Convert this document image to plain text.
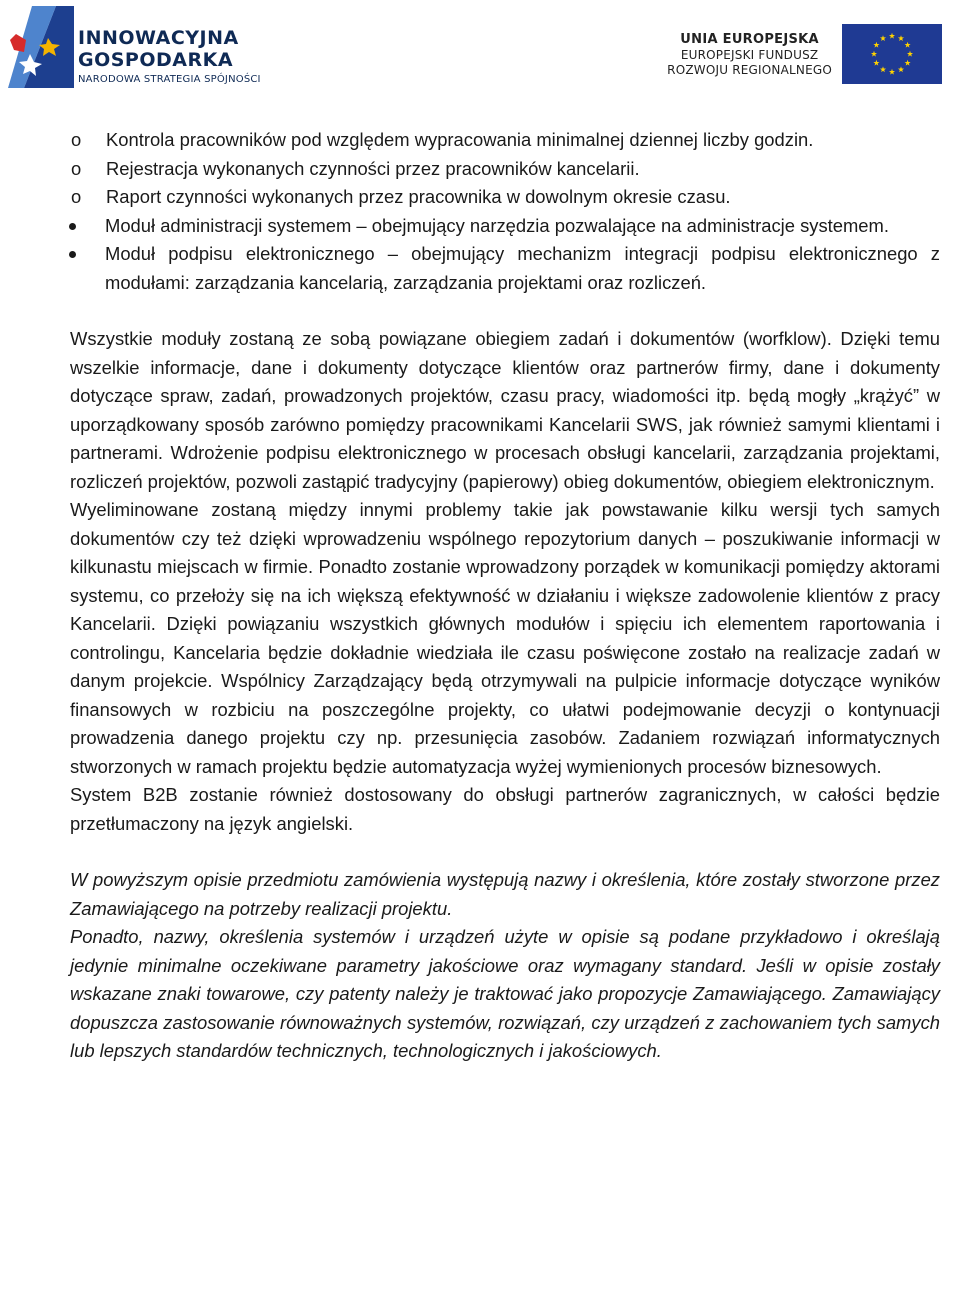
INNOWACYJNA
GOSPODARKA
NARODOWA STRATEGIA SPÓJNOŚCI
UNIA EUROPEJSKA
EUROPEJSKI FUNDUSZ
ROZWOJU REGIONALNEGO
o Kontrola pracowników pod względem wypracowania minimalnej dziennej liczby godzin.
o Rejestracja wykonanych czynności przez pracowników kancelarii.
o Raport czynności wykonanych przez pracownika w dowolnym okresie czasu.
Moduł administracji systemem – obejmujący narzędzia pozwalające na administracje systemem.
Moduł podpisu elektronicznego – obejmujący mechanizm integracji podpisu elektronicznego z modułami: zarządzania kancelarią, zarządzania projektami oraz rozliczeń.

Wszystkie moduły zostaną ze sobą powiązane obiegiem zadań i dokumentów (worfklow). Dzięki temu wszelkie informacje, dane i dokumenty dotyczące klientów oraz partnerów firmy, dane i dokumenty dotyczące spraw, zadań, prowadzonych projektów, czasu pracy, wiadomości itp. będą mogły „krążyć” w uporządkowany sposób zarówno pomiędzy pracownikami Kancelarii SWS, jak również samymi klientami i partnerami. Wdrożenie podpisu elektronicznego w procesach obsługi kancelarii, zarządzania projektami, rozliczeń projektów, pozwoli zastąpić tradycyjny (papierowy) obieg dokumentów, obiegiem elektronicznym.

Wyeliminowane zostaną między innymi problemy takie jak powstawanie kilku wersji tych samych dokumentów czy też dzięki wprowadzeniu wspólnego repozytorium danych – poszukiwanie informacji w kilkunastu miejscach w firmie. Ponadto zostanie wprowadzony porządek w komunikacji pomiędzy aktorami systemu, co przełoży się na ich większą efektywność w działaniu i większe zadowolenie klientów z pracy Kancelarii. Dzięki powiązaniu wszystkich głównych modułów i spięciu ich elementem raportowania i controlingu, Kancelaria będzie dokładnie wiedziała ile czasu poświęcone zostało na realizacje zadań w danym projekcie. Wspólnicy Zarządzający będą otrzymywali na pulpicie informacje dotyczące wyników finansowych w rozbiciu na poszczególne projekty, co ułatwi podejmowanie decyzji o kontynuacji prowadzenia danego projektu czy np. przesunięcia zasobów. Zadaniem rozwiązań informatycznych stworzonych w ramach projektu będzie automatyzacja wyżej wymienionych procesów biznesowych.

System B2B zostanie również dostosowany do obsługi partnerów zagranicznych, w całości będzie przetłumaczony na język angielski.

W powyższym opisie przedmiotu zamówienia występują nazwy i określenia, które zostały stworzone przez Zamawiającego na potrzeby realizacji projektu.

Ponadto, nazwy, określenia systemów i urządzeń użyte w opisie są podane przykładowo i określają jedynie minimalne oczekiwane parametry jakościowe oraz wymagany standard. Jeśli w opisie zostały wskazane znaki towarowe, czy patenty należy je traktować jako propozycje Zamawiającego. Zamawiający dopuszcza zastosowanie równoważnych systemów, rozwiązań, czy urządzeń z zachowaniem tych samych lub lepszych standardów technicznych, technologicznych i jakościowych.
